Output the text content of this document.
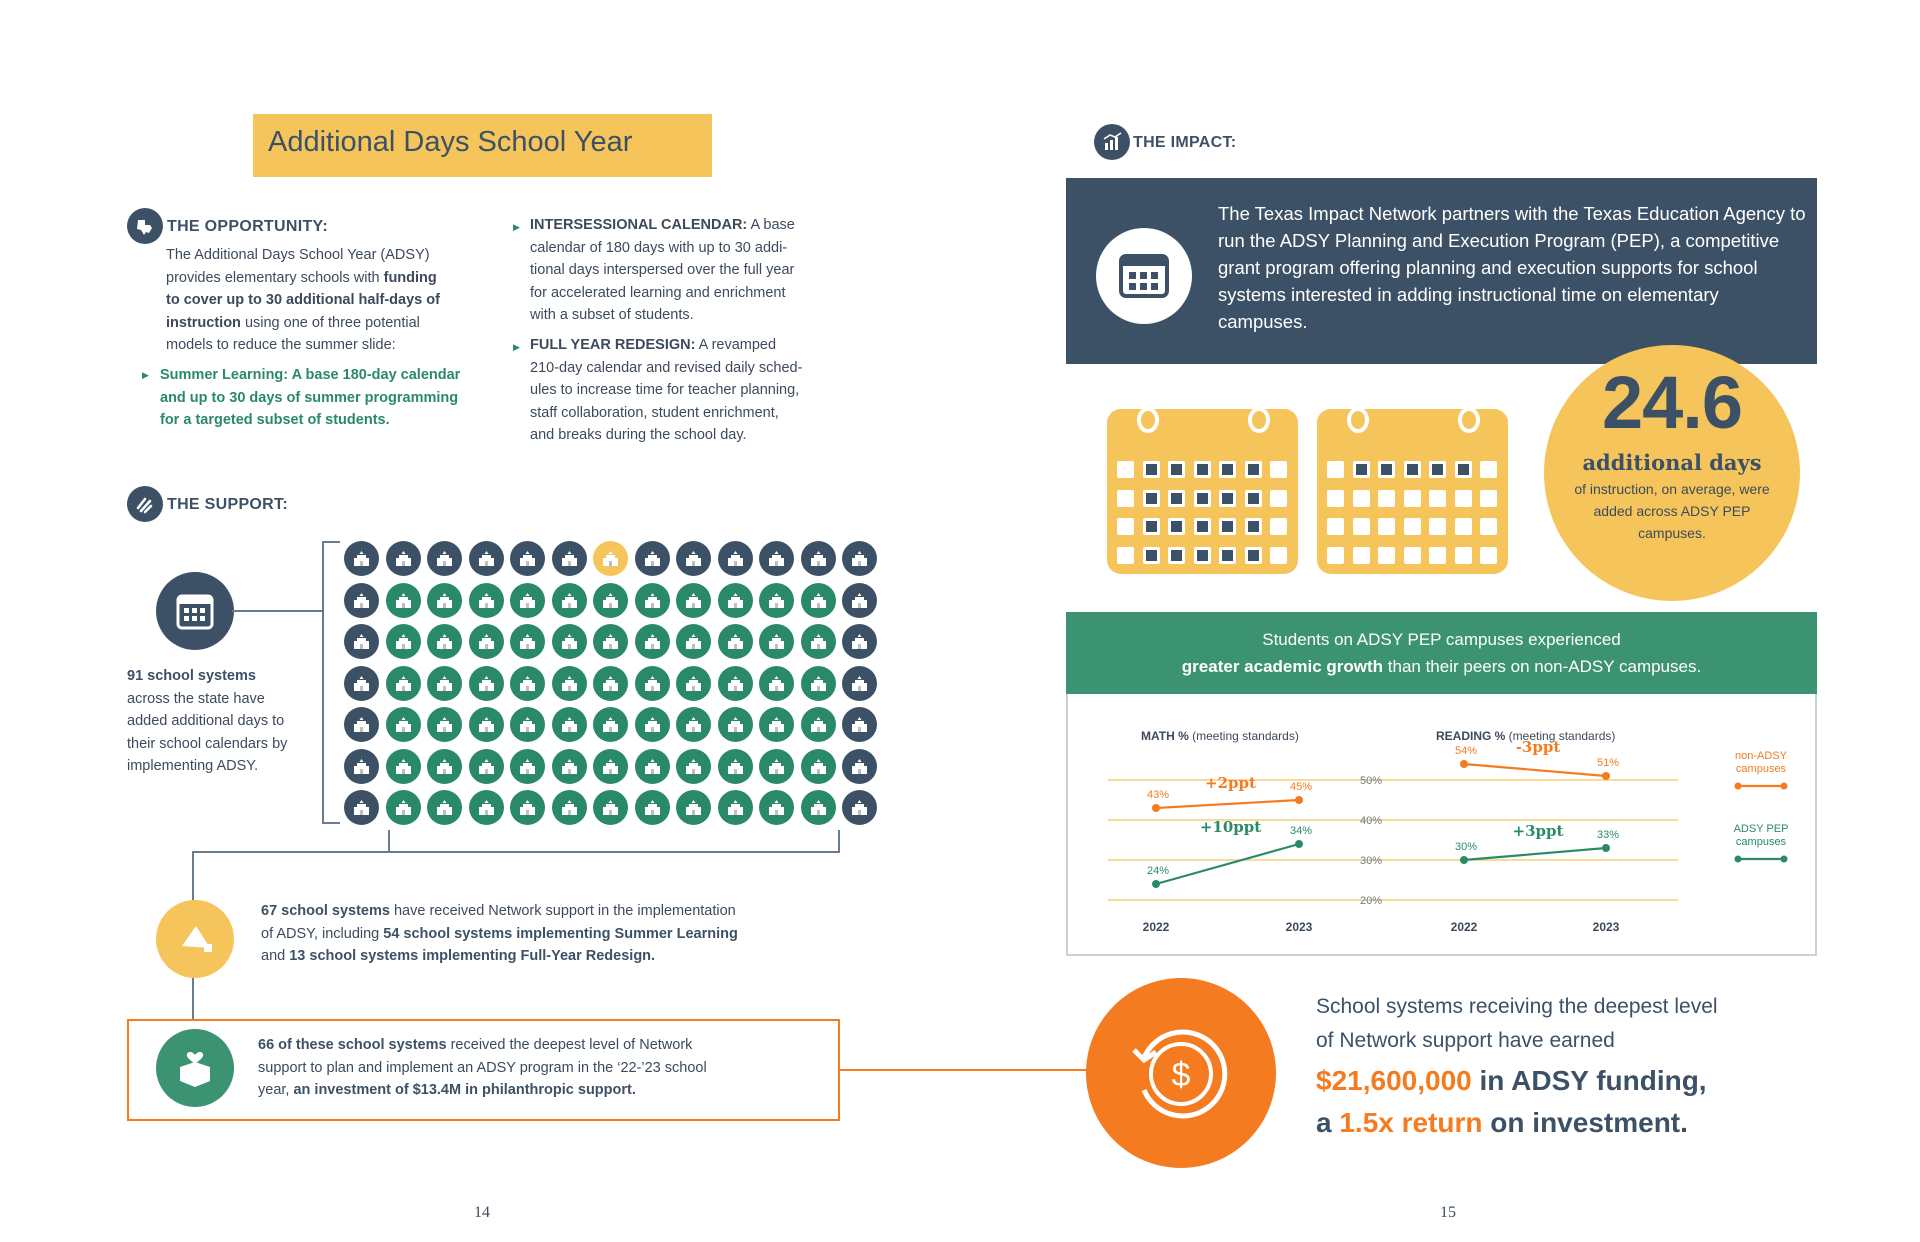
Additional Days School Year
THE OPPORTUNITY:
The Additional Days School Year (ADSY)
provides elementary schools with funding
to cover up to 30 additional half-days of
instruction using one of three potential
models to reduce the summer slide:
▶ Summer Learning: A base 180-day calendar
and up to 30 days of summer programming
for a targeted subset of students.
▶ INTERSESSIONAL CALENDAR: A base
calendar of 180 days with up to 30 addi-
tional days interspersed over the full year
for accelerated learning and enrichment
with a subset of students.
▶ FULL YEAR REDESIGN: A revamped
210-day calendar and revised daily sched-
ules to increase time for teacher planning,
staff collaboration, student enrichment,
and breaks during the school day.
THE SUPPORT:
91 school systems
across the state have
added additional days to
their school calendars by
implementing ADSY.
67 school systems have received Network support in the implementation
of ADSY, including 54 school systems implementing Summer Learning
and 13 school systems implementing Full-Year Redesign.
66 of these school systems received the deepest level of Network
support to plan and implement an ADSY program in the ‘22-’23 school
year, an investment of $13.4M in philanthropic support.
14
THE IMPACT:
The Texas Impact Network partners with the Texas Education Agency to run the ADSY Planning and Execution Program (PEP), a competitive grant program offering planning and execution supports for school systems interested in adding instructional time on elementary campuses.
24.6
additional days
of instruction, on average, were added across ADSY PEP campuses.
Students on ADSY PEP campuses experienced
greater academic growth than their peers on non-ADSY campuses.
MATH % (meeting standards)
2022	2023
43%
45%
+2ppt
24%
34%
+10ppt
READING % (meeting standards)
2022	2023
54%
51%
-3ppt
30%
33%
+3ppt
50%
40%
30%
20%
non-ADSY
campuses
ADSY PEP
campuses
$
School systems receiving the deepest level
of Network support have earned
$21,600,000 in ADSY funding,
a 1.5x return on investment.
15
